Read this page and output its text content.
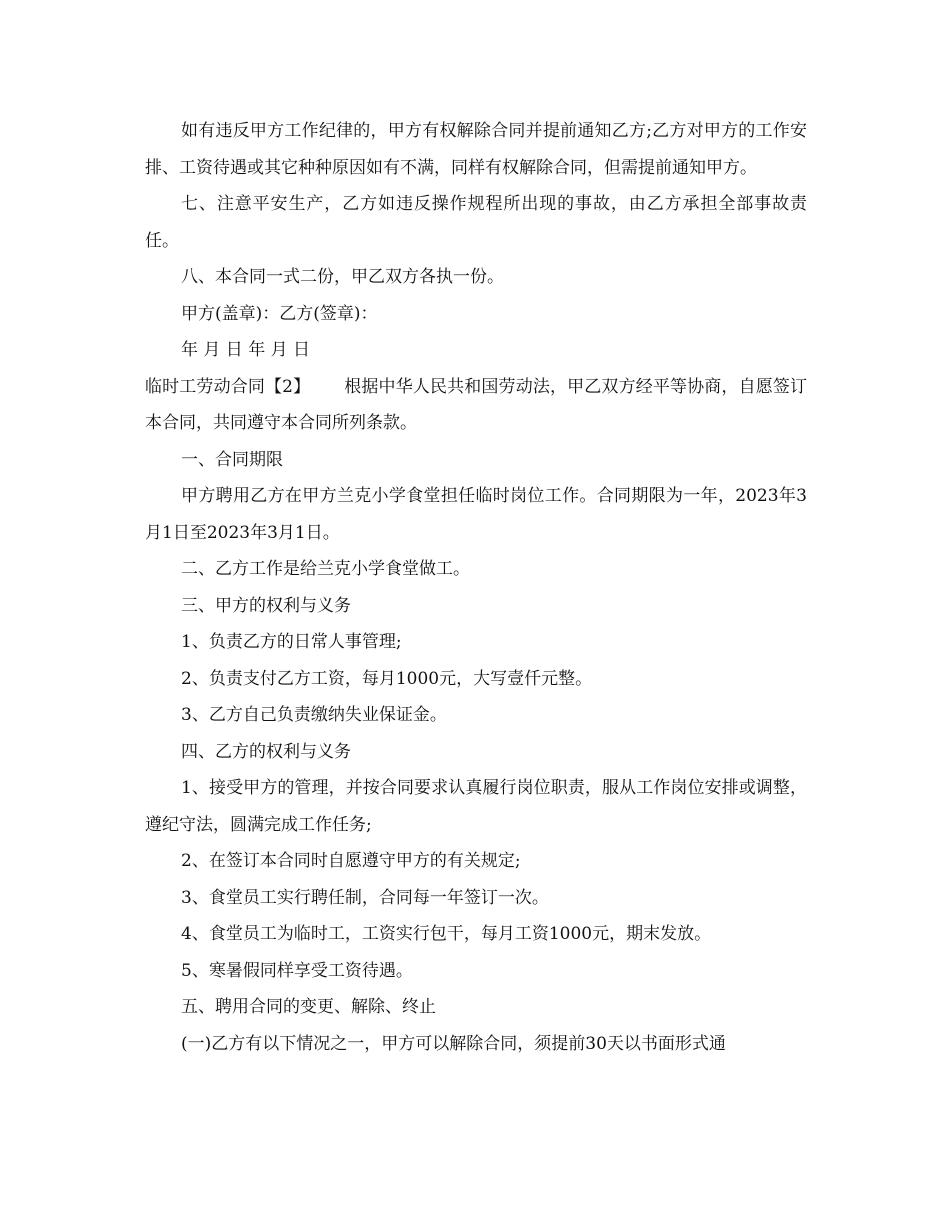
如有违反甲方工作纪律的，甲方有权解除合同并提前通知乙方;乙方对甲方的工作安排、工资待遇或其它种种原因如有不满，同样有权解除合同，但需提前通知甲方。

七、注意平安生产，乙方如违反操作规程所出现的事故，由乙方承担全部事故责任。

八、本合同一式二份，甲乙双方各执一份。

甲方(盖章)：乙方(签章)：

年 月 日 年 月 日

临时工劳动合同【2】 根据中华人民共和国劳动法，甲乙双方经平等协商，自愿签订本合同，共同遵守本合同所列条款。

一、合同期限

甲方聘用乙方在甲方兰克小学食堂担任临时岗位工作。合同期限为一年，2023年3月1日至2023年3月1日。

二、乙方工作是给兰克小学食堂做工。

三、甲方的权利与义务

1、负责乙方的日常人事管理;

2、负责支付乙方工资，每月1000元，大写壹仟元整。

3、乙方自己负责缴纳失业保证金。

四、乙方的权利与义务

1、接受甲方的管理，并按合同要求认真履行岗位职责，服从工作岗位安排或调整，遵纪守法，圆满完成工作任务;

2、在签订本合同时自愿遵守甲方的有关规定;

3、食堂员工实行聘任制，合同每一年签订一次。

4、食堂员工为临时工，工资实行包干，每月工资1000元，期末发放。

5、寒暑假同样享受工资待遇。

五、聘用合同的变更、解除、终止

(一)乙方有以下情况之一，甲方可以解除合同，须提前30天以书面形式通
